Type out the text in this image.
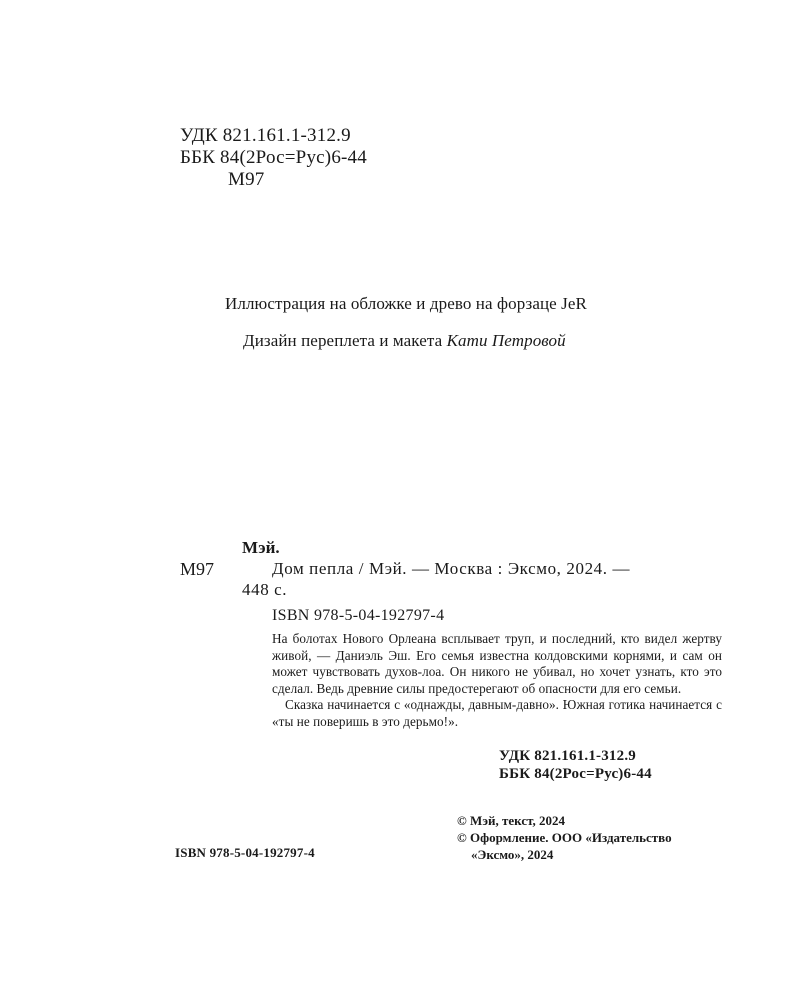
УДК 821.161.1-312.9
ББК 84(2Рос=Рус)6-44
М97
Иллюстрация на обложке и древо на форзаце JeR
Дизайн переплета и макета Кати Петровой
Мэй.
М97	Дом пепла / Мэй. — Москва : Эксмо, 2024. —
448 с.
ISBN 978-5-04-192797-4

На болотах Нового Орлеана всплывает труп, и последний, кто видел жертву живой, — Даниэль Эш. Его семья известна колдовскими корнями, и сам он может чувствовать духов-лоа. Он никого не убивал, но хочет узнать, кто это сделал. Ведь древние силы предостерегают об опасности для его семьи.

Сказка начинается с «однажды, давным-давно». Южная готика начинается с «ты не поверишь в это дерьмо!».

УДК 821.161.1-312.9
ББК 84(2Рос=Рус)6-44
© Мэй, текст, 2024
© Оформление. ООО «Издательство
«Эксмо», 2024
ISBN 978-5-04-192797-4
